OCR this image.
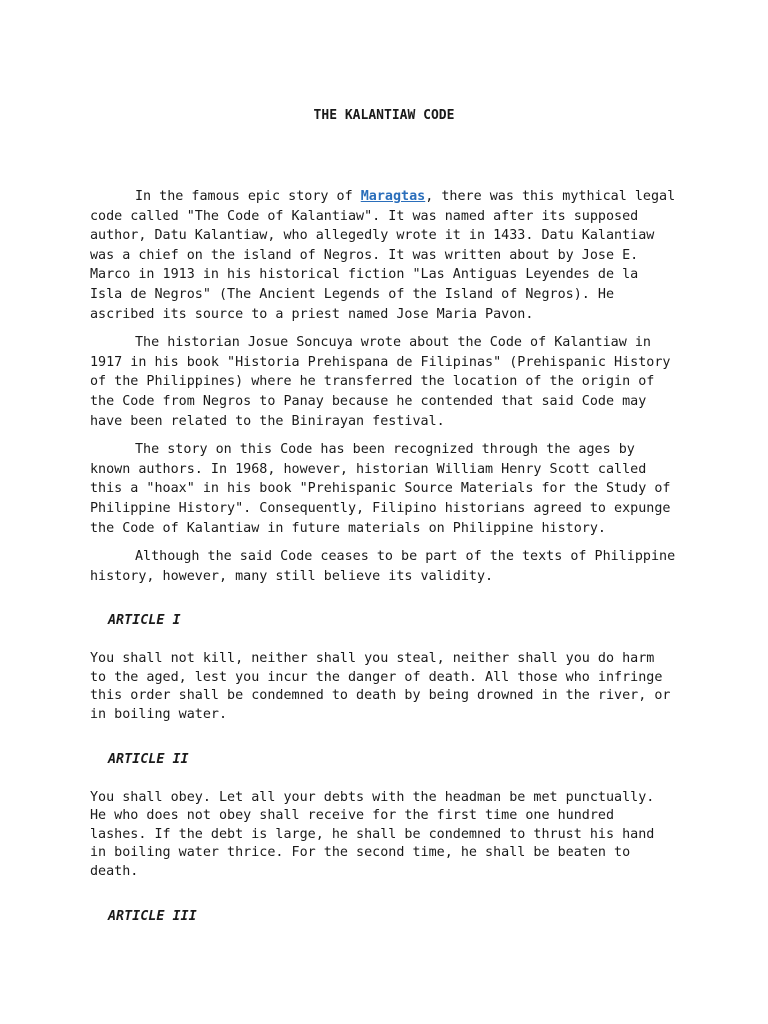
THE KALANTIAW CODE

In the famous epic story of Maragtas, there was this mythical legal code called "The Code of Kalantiaw". It was named after its supposed author, Datu Kalantiaw, who allegedly wrote it in 1433. Datu Kalantiaw was a chief on the island of Negros. It was written about by Jose E. Marco in 1913 in his historical fiction "Las Antiguas Leyendes de la Isla de Negros" (The Ancient Legends of the Island of Negros). He ascribed its source to a priest named Jose Maria Pavon.

The historian Josue Soncuya wrote about the Code of Kalantiaw in 1917 in his book "Historia Prehispana de Filipinas" (Prehispanic History of the Philippines) where he transferred the location of the origin of the Code from Negros to Panay because he contended that said Code may have been related to the Binirayan festival.

The story on this Code has been recognized through the ages by known authors. In 1968, however, historian William Henry Scott called this a "hoax" in his book "Prehispanic Source Materials for the Study of Philippine History". Consequently, Filipino historians agreed to expunge the Code of Kalantiaw in future materials on Philippine history.

Although the said Code ceases to be part of the texts of Philippine history, however, many still believe its validity.

ARTICLE I

You shall not kill, neither shall you steal, neither shall you do harm to the aged, lest you incur the danger of death. All those who infringe this order shall be condemned to death by being drowned in the river, or in boiling water.

ARTICLE II

You shall obey. Let all your debts with the headman be met punctually. He who does not obey shall receive for the first time one hundred lashes. If the debt is large, he shall be condemned to thrust his hand in boiling water thrice. For the second time, he shall be beaten to death.

ARTICLE III
